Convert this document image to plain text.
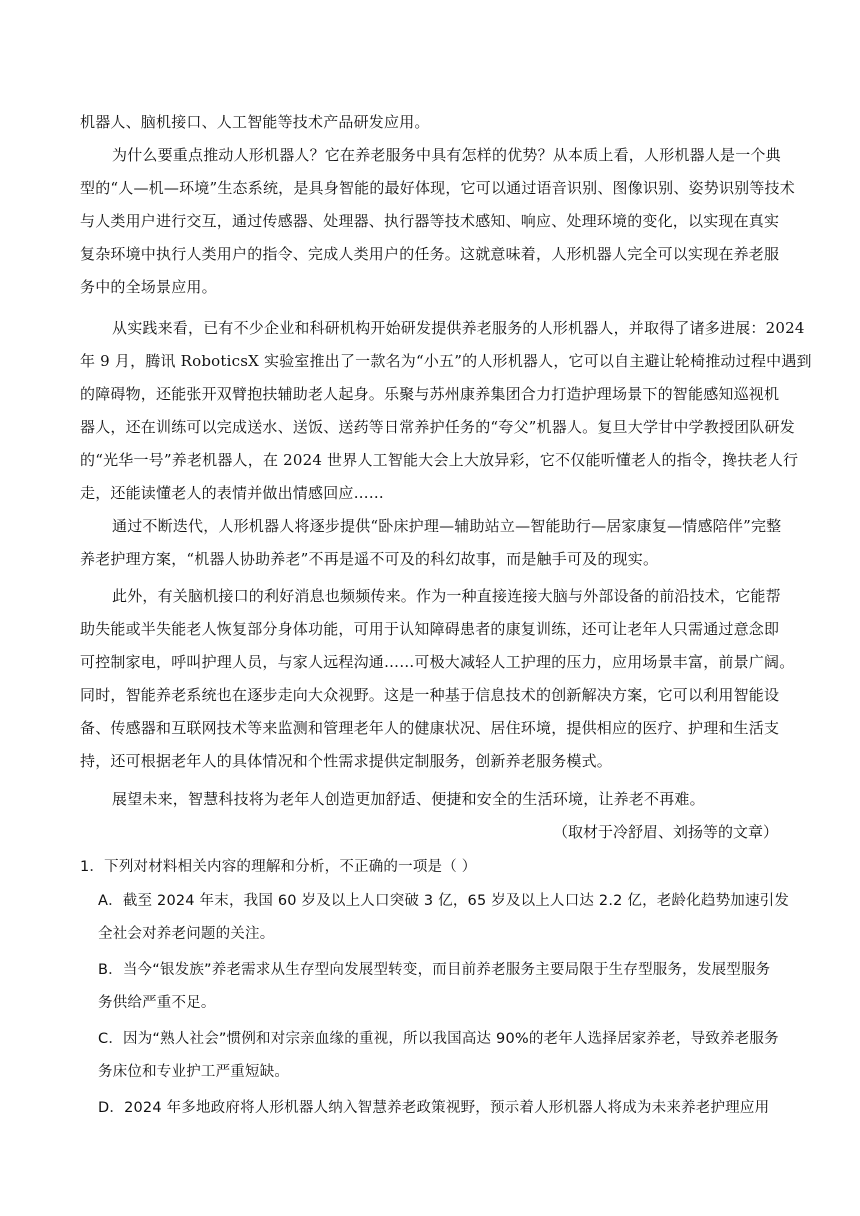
机器人、脑机接口、人工智能等技术产品研发应用。
为什么要重点推动人形机器人？它在养老服务中具有怎样的优势？从本质上看，人形机器人是一个典
型的“人—机—环境”生态系统，是具身智能的最好体现，它可以通过语音识别、图像识别、姿势识别等技术
与人类用户进行交互，通过传感器、处理器、执行器等技术感知、响应、处理环境的变化，以实现在真实
复杂环境中执行人类用户的指令、完成人类用户的任务。这就意味着，人形机器人完全可以实现在养老服
务中的全场景应用。
从实践来看，已有不少企业和科研机构开始研发提供养老服务的人形机器人，并取得了诸多进展：2024
年 9 月，腾讯 RoboticsX 实验室推出了一款名为“小五”的人形机器人，它可以自主避让轮椅推动过程中遇到
的障碍物，还能张开双臂抱扶辅助老人起身。乐聚与苏州康养集团合力打造护理场景下的智能感知巡视机
器人，还在训练可以完成送水、送饭、送药等日常养护任务的“夸父”机器人。复旦大学甘中学教授团队研发
的“光华一号”养老机器人，在 2024 世界人工智能大会上大放异彩，它不仅能听懂老人的指令，搀扶老人行
走，还能读懂老人的表情并做出情感回应……
通过不断迭代，人形机器人将逐步提供“卧床护理—辅助站立—智能助行—居家康复—情感陪伴”完整
养老护理方案，“机器人协助养老”不再是遥不可及的科幻故事，而是触手可及的现实。
此外，有关脑机接口的利好消息也频频传来。作为一种直接连接大脑与外部设备的前沿技术，它能帮
助失能或半失能老人恢复部分身体功能，可用于认知障碍患者的康复训练，还可让老年人只需通过意念即
可控制家电，呼叫护理人员，与家人远程沟通……可极大减轻人工护理的压力，应用场景丰富，前景广阔。
同时，智能养老系统也在逐步走向大众视野。这是一种基于信息技术的创新解决方案，它可以利用智能设
备、传感器和互联网技术等来监测和管理老年人的健康状况、居住环境，提供相应的医疗、护理和生活支
持，还可根据老年人的具体情况和个性需求提供定制服务，创新养老服务模式。
展望未来，智慧科技将为老年人创造更加舒适、便捷和安全的生活环境，让养老不再难。
（取材于冷舒眉、刘扬等的文章）
1．下列对材料相关内容的理解和分析，不正确的一项是（ ）
A．截至 2024 年末，我国 60 岁及以上人口突破 3 亿，65 岁及以上人口达 2.2 亿，老龄化趋势加速引发
全社会对养老问题的关注。
B．当今“银发族”养老需求从生存型向发展型转变，而目前养老服务主要局限于生存型服务，发展型服务
务供给严重不足。
C．因为“熟人社会”惯例和对宗亲血缘的重视，所以我国高达 90%的老年人选择居家养老，导致养老服务
务床位和专业护工严重短缺。
D．2024 年多地政府将人形机器人纳入智慧养老政策视野，预示着人形机器人将成为未来养老护理应用
